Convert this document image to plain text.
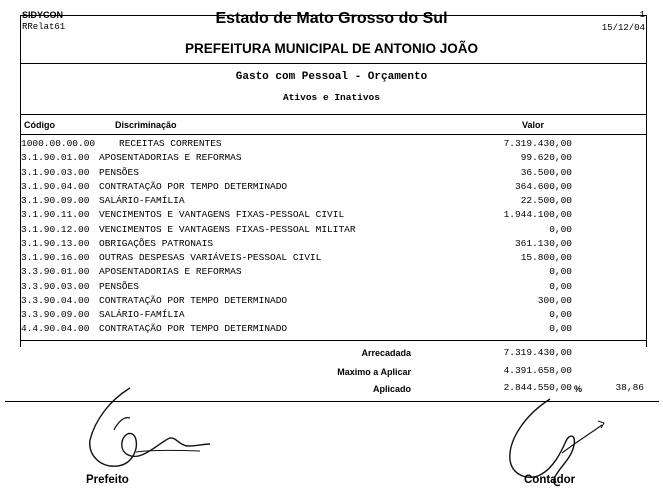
SIDYCON
RRelat61	Estado de Mato Grosso do Sul	1
15/12/04
PREFEITURA MUNICIPAL DE ANTONIO JOÃO
Gasto com Pessoal - Orçamento
Ativos e Inativos
Código	Discriminação	Valor
1000.00.00.00	RECEITAS CORRENTES	7.319.430,00
3.1.90.01.00 APOSENTADORIAS E REFORMAS	99.620,00
3.1.90.03.00 PENSÕES	36.500,00
3.1.90.04.00 CONTRATAÇÃO POR TEMPO DETERMINADO	364.600,00
3.1.90.09.00 SALÁRIO-FAMÍLIA	22.500,00
3.1.90.11.00 VENCIMENTOS E VANTAGENS FIXAS-PESSOAL CIVIL	1.944.100,00
3.1.90.12.00 VENCIMENTOS E VANTAGENS FIXAS-PESSOAL MILITAR	0,00
3.1.90.13.00 OBRIGAÇÕES PATRONAIS	361.130,00
3.1.90.16.00 OUTRAS DESPESAS VARIÁVEIS-PESSOAL CIVIL	15.800,00
3.3.90.01.00 APOSENTADORIAS E REFORMAS	0,00
3.3.90.03.00 PENSÕES	0,00
3.3.90.04.00 CONTRATAÇÃO POR TEMPO DETERMINADO	300,00
3.3.90.09.00 SALÁRIO-FAMÍLIA	0,00
4.4.90.04.00 CONTRATAÇÃO POR TEMPO DETERMINADO	0,00
Arrecadada	7.319.430,00
Maximo a Aplicar	4.391.658,00
Aplicado	2.844.550,00 %	38,86
Prefeito	Contador
